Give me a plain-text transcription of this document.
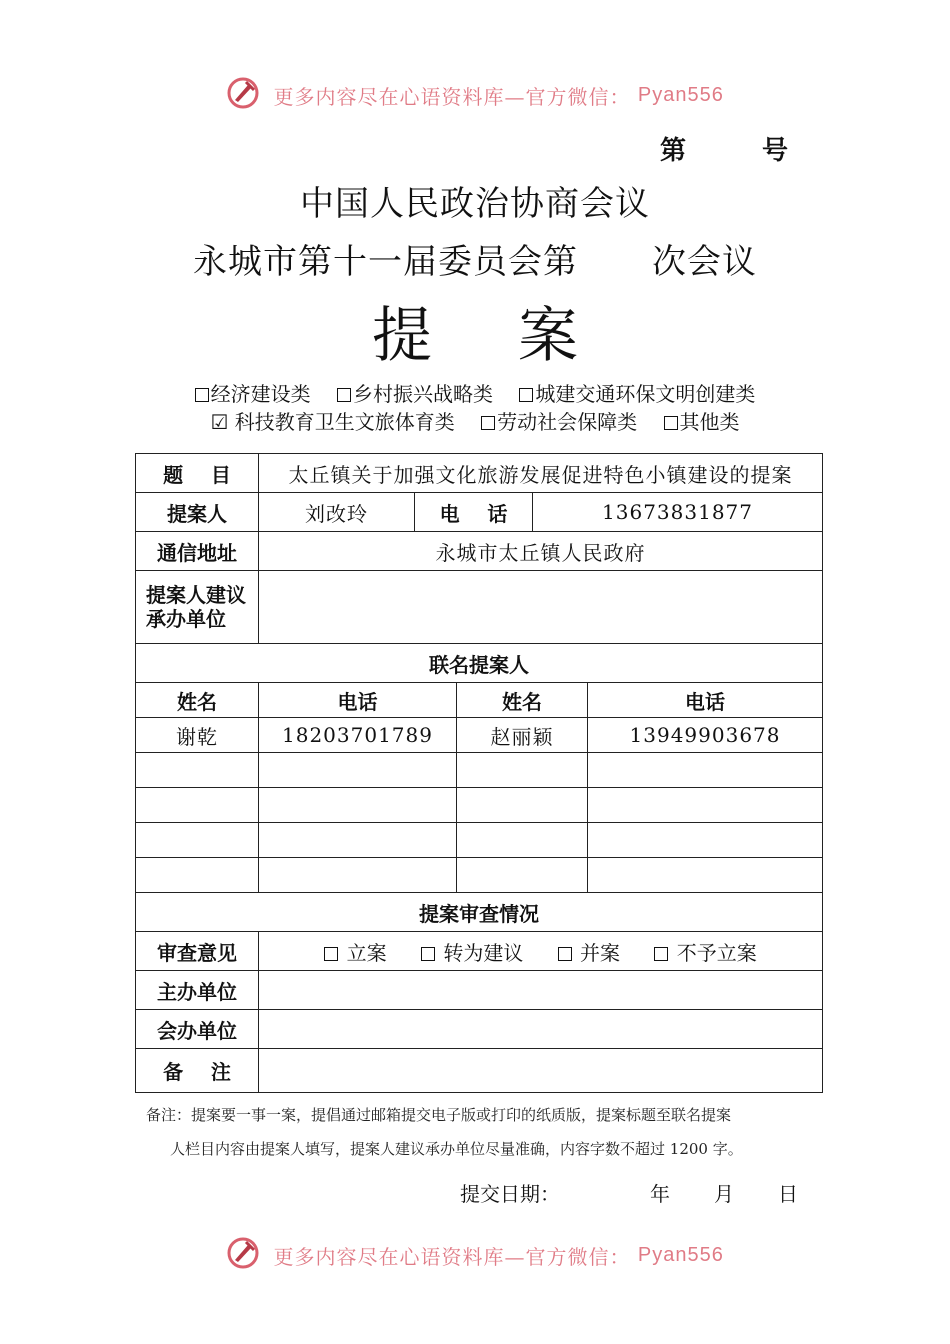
更多内容尽在心语资料库—官方微信： Pyan556
第	号
中国人民政治协商会议
永城市第十一届委员会第 次会议
提 案
经济建设类 乡村振兴战略类 城建交通环保文明创建类
☑ 科技教育卫生文旅体育类 劳动社会保障类 其他类
题    目	太丘镇关于加强文化旅游发展促进特色小镇建设的提案				
提案人	刘改玲	电    话		13673831877	
通信地址	永城市太丘镇人民政府				
提案人建议承办单位					
联名提案人					
姓名	电话		姓名		电话
谢乾	18203701789		赵丽颖		13949903678

提案审查情况					
审查意见	立案 转为建议 并案 不予立案				
主办单位					
会办单位					
备    注					
备注：提案要一事一案，提倡通过邮箱提交电子版或打印的纸质版，提案标题至联名提案
人栏目内容由提案人填写，提案人建议承办单位尽量准确，内容字数不超过 1200 字。
提交日期：	年 月 日
更多内容尽在心语资料库—官方微信： Pyan556
